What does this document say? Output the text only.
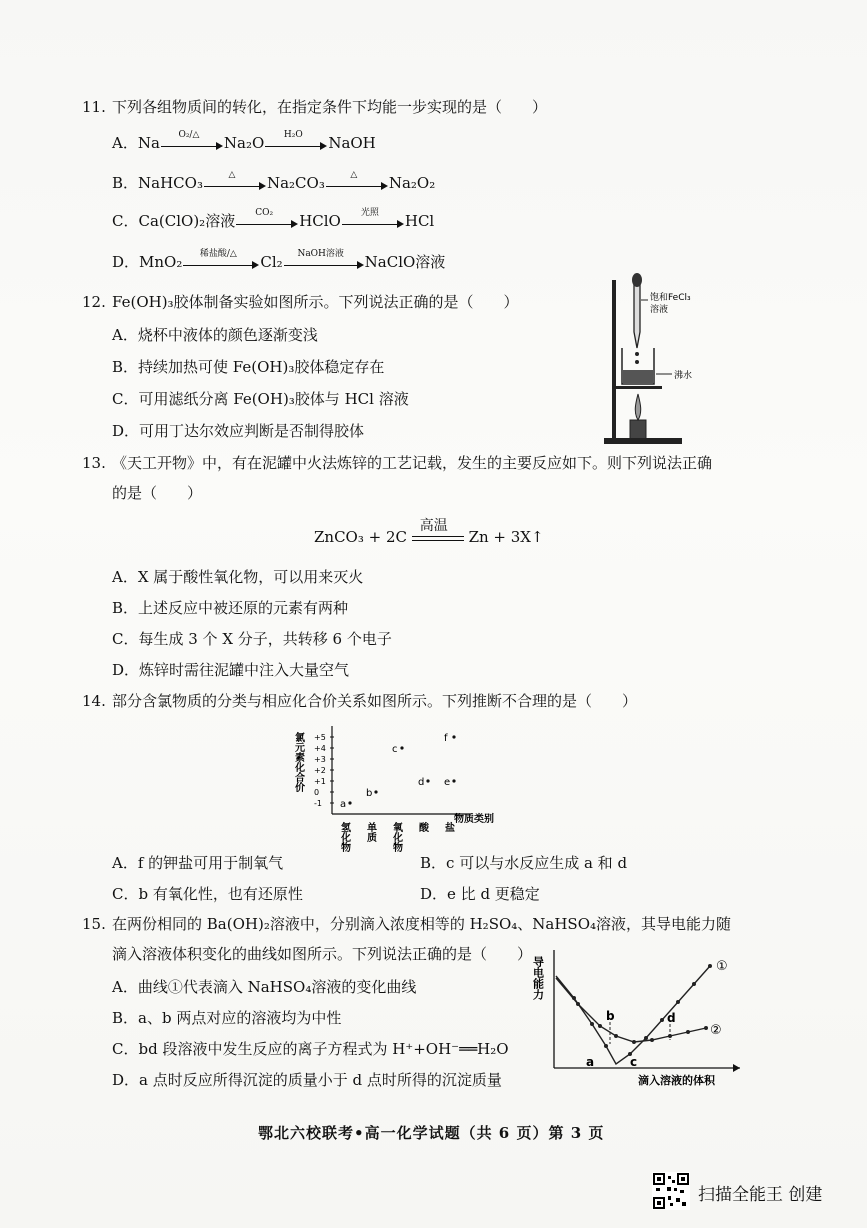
11. 下列各组物质间的转化，在指定条件下均能一步实现的是（　　）
A．Na	O₂/△	Na₂O	H₂O	NaOH
B．NaHCO₃	△	Na₂CO₃	△	Na₂O₂
C．Ca(ClO)₂溶液	CO₂	HClO	光照	HCl
D．MnO₂	稀盐酸/△	Cl₂	NaOH溶液	NaClO溶液
12. Fe(OH)₃胶体制备实验如图所示。下列说法正确的是（　　）
A．烧杯中液体的颜色逐渐变浅
B．持续加热可使 Fe(OH)₃胶体稳定存在
C．可用滤纸分离 Fe(OH)₃胶体与 HCl 溶液
D．可用丁达尔效应判断是否制得胶体
饱和FeCl₃
溶液
沸水
13. 《天工开物》中，有在泥罐中火法炼锌的工艺记载，发生的主要反应如下。则下列说法正确
的是（　　）
ZnCO₃ + 2C
高温
Zn + 3X↑
A．X 属于酸性氧化物，可以用来灭火
B．上述反应中被还原的元素有两种
C．每生成 3 个 X 分子，共转移 6 个电子
D．炼锌时需往泥罐中注入大量空气
14. 部分含氯物质的分类与相应化合价关系如图所示。下列推断不合理的是（　　）
氯元素化合价 +5
+4
+3
+2
+1
0
-1
氢化物 单质 氧化物 酸 盐
a
b
c
d e
f
物质类别
A．f 的钾盐可用于制氧气	B．c 可以与水反应生成 a 和 d
C．b 有氧化性，也有还原性	D．e 比 d 更稳定
15. 在两份相同的 Ba(OH)₂溶液中，分别滴入浓度相等的 H₂SO₄、NaHSO₄溶液，其导电能力随
滴入溶液体积变化的曲线如图所示。下列说法正确的是（　　）
A．曲线①代表滴入 NaHSO₄溶液的变化曲线
B．a、b 两点对应的溶液均为中性
C．bd 段溶液中发生反应的离子方程式为 H⁺+OH⁻══H₂O
D．a 点时反应所得沉淀的质量小于 d 点时所得的沉淀质量
导电能力	①
②
a
b
c
d
滴入溶液的体积
鄂北六校联考•高一化学试题（共 6 页）第 3 页
扫描全能王 创建
